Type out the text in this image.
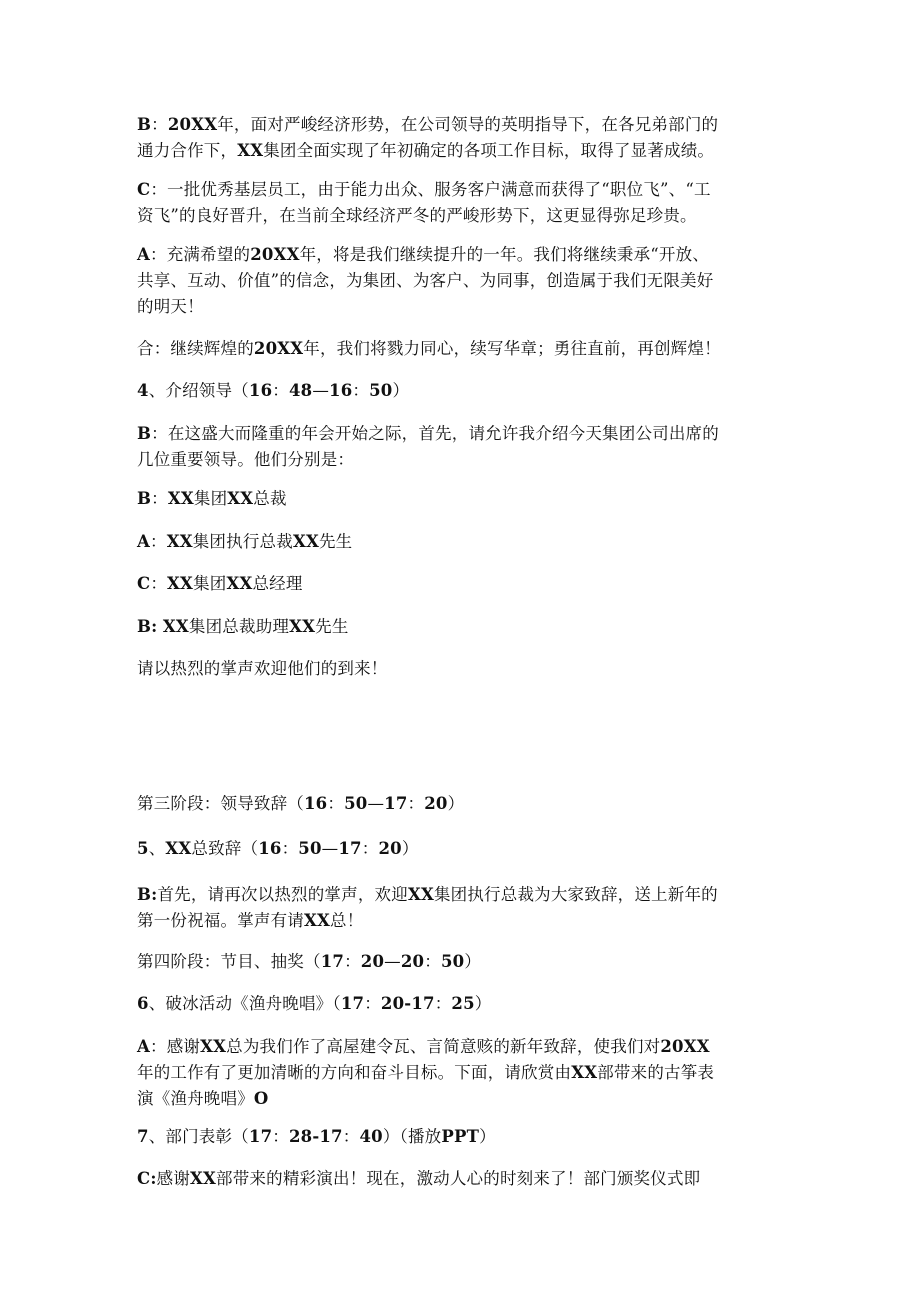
B：20XX年，面对严峻经济形势，在公司领导的英明指导下，在各兄弟部门的
通力合作下，XX集团全面实现了年初确定的各项工作目标，取得了显著成绩。

C：一批优秀基层员工，由于能力出众、服务客户满意而获得了“职位飞”、“工
资飞”的良好晋升，在当前全球经济严冬的严峻形势下，这更显得弥足珍贵。

A：充满希望的20XX年，将是我们继续提升的一年。我们将继续秉承“开放、
共享、互动、价值”的信念，为集团、为客户、为同事，创造属于我们无限美好
的明天！

合：继续辉煌的20XX年，我们将戮力同心，续写华章；勇往直前，再创辉煌！

4、介绍领导（16：48—16：50）

B：在这盛大而隆重的年会开始之际，首先，请允许我介绍今天集团公司出席的
几位重要领导。他们分别是：

B：XX集团XX总裁

A：XX集团执行总裁XX先生

C：XX集团XX总经理

B: XX集团总裁助理XX先生

请以热烈的掌声欢迎他们的到来！

第三阶段：领导致辞（16：50—17：20）

5、XX总致辞（16：50—17：20）

B:首先，请再次以热烈的掌声，欢迎XX集团执行总裁为大家致辞，送上新年的
第一份祝福。掌声有请XX总！

第四阶段：节目、抽奖（17：20—20：50）

6、破冰活动《渔舟晚唱》（17：20-17：25）

A：感谢XX总为我们作了高屋建令瓦、言简意赅的新年致辞，使我们对20XX
年的工作有了更加清晰的方向和奋斗目标。下面，请欣赏由XX部带来的古筝表
演《渔舟晚唱》O

7、部门表彰（17：28-17：40）（播放PPT）

C:感谢XX部带来的精彩演出！现在，激动人心的时刻来了！部门颁奖仪式即
